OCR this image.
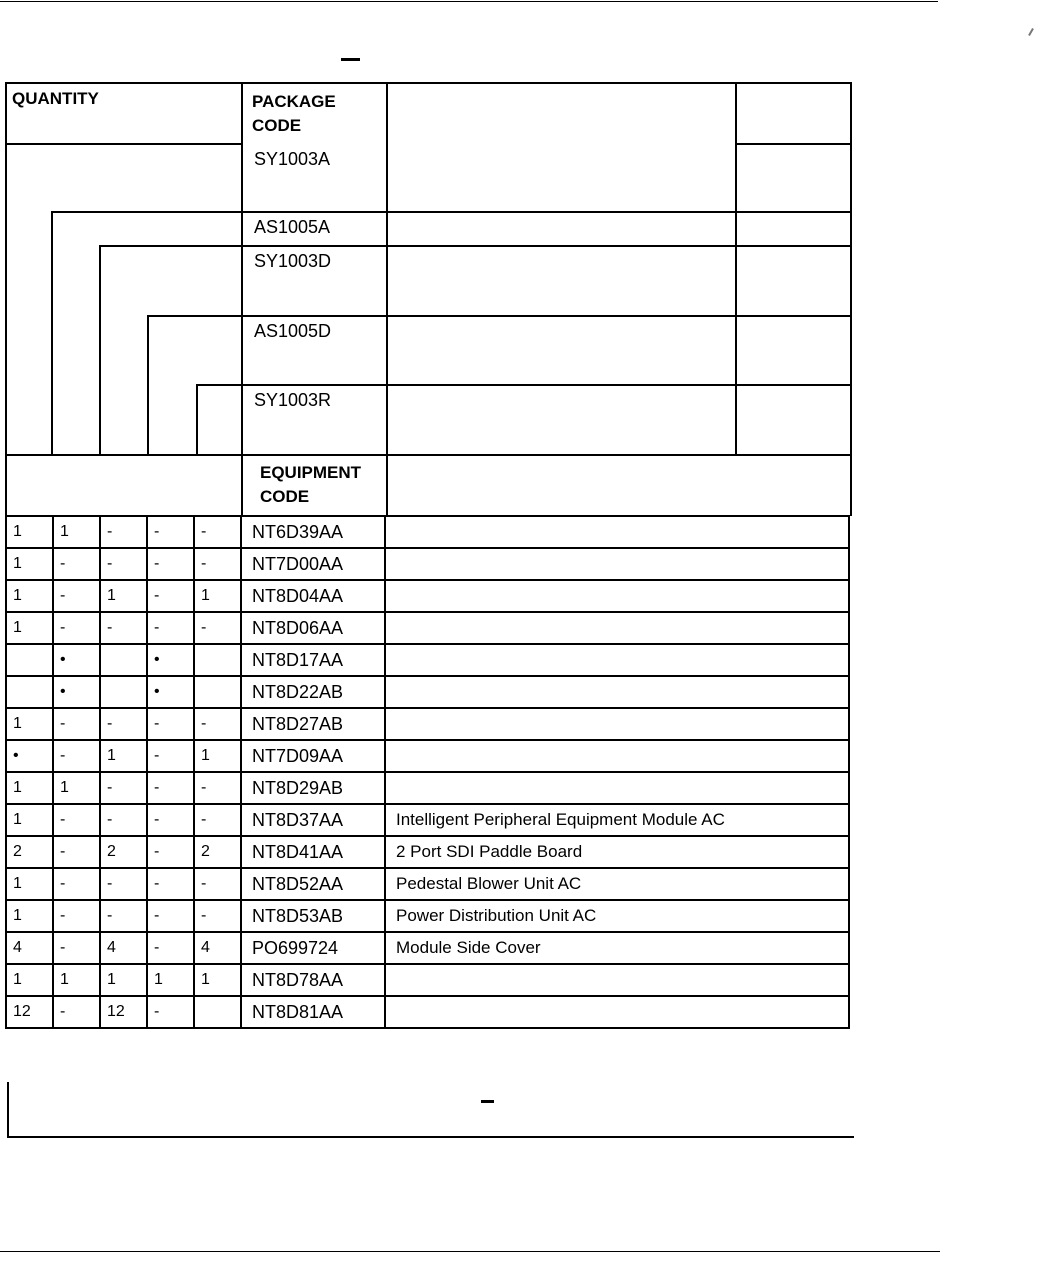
QUANTITY	PACKAGE
CODE
EQUIPMENT
CODE
SY1003A
AS1005A
SY1003D
AS1005D
SY1003R
1	1	-	-	-	NT6D39AA	
1	-	-	-	-	NT7D00AA	
1	-	1	-	1	NT8D04AA	
1	-	-	-	-	NT8D06AA	
	•		•		NT8D17AA	
	•		•		NT8D22AB	
1	-	-	-	-	NT8D27AB	
•	-	1	-	1	NT7D09AA	
1	1	-	-	-	NT8D29AB	
1	-	-	-	-	NT8D37AA	Intelligent Peripheral Equipment Module AC
2	-	2	-	2	NT8D41AA	2 Port SDI Paddle Board
1	-	-	-	-	NT8D52AA	Pedestal Blower Unit AC
1	-	-	-	-	NT8D53AB	Power Distribution Unit AC
4	-	4	-	4	PO699724	Module Side Cover
1	1	1	1	1	NT8D78AA	
12	-	12	-		NT8D81AA	
